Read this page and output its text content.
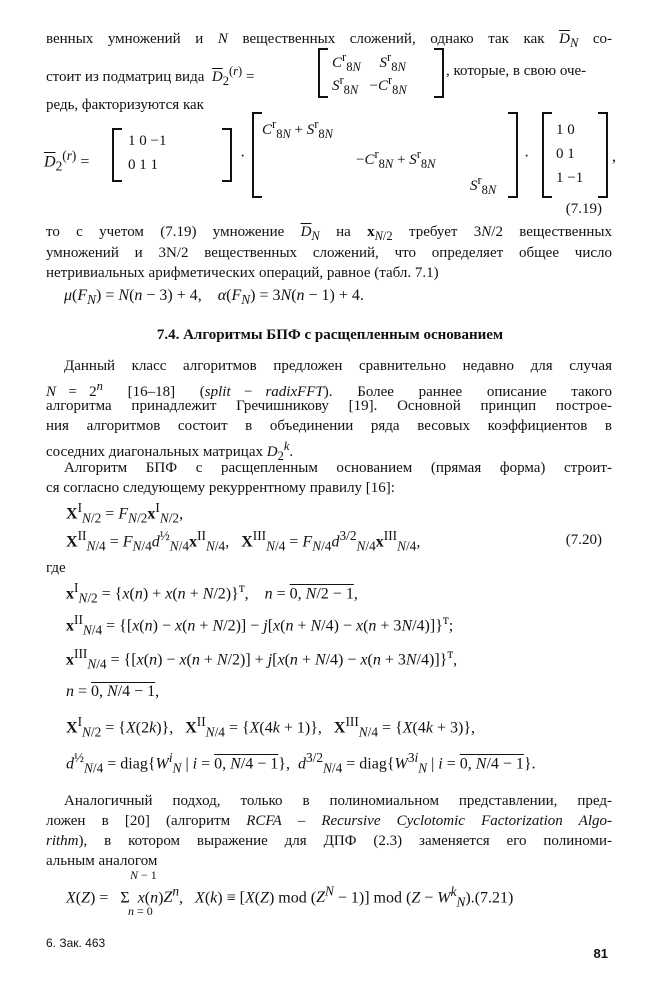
венных умножений и N вещественных сложений, однако так как $\overline{D}_N$ со-
стоит из подматриц вида  $\overline{D}_2^{(r)}$ =
$C^r_{8N}$ $S^r_{8N}$
$S^r_{8N} -C^r_{8N}$
, которые, в свою оче-
редь, факторизуются как
$\overline{D}_2^{(r)}$ =
1 0 −1
0 1 1	·
$C^r_{8N} + S^r_{8N}$
$-C^r_{8N} + S^r_{8N}$
$S^r_{8N}$
·
1 0
0 1
1 −1
,
(7.19)
то с учетом (7.19) умножение $\overline{D}_N$ на $x_{N/2}$ требует 3N/2 вещественных
умножений и 3N/2 вещественных сложений, что определяет общее число
нетривиальных арифметических операций, равное (табл. 7.1)
$\mu(F_N) = N(n - 3) + 4$,    $\alpha(F_N) = 3N(n - 1) + 4$.
7.4. Алгоритмы БПФ с расщепленным основанием
Данный класс алгоритмов предложен сравнительно недавно для случая
$N = 2^n$  [16–18]  (split − radixFFT).  Более  раннее  описание  такого
алгоритма принадлежит Гречишникову [19]. Основной принцип построе-
ния алгоритмов состоит в объединении ряда весовых коэффициентов в
соседних диагональных матрицах $D_2^k$.
Алгоритм БПФ с расщепленным основанием (прямая форма) строит-
ся согласно следующему рекуррентному правилу [16]:
$X^I_{N/2} = F_{N/2}x^I_{N/2}$,
$X^{II}_{N/4} = F_{N/4}d^{\frac{1}{2}}_{N/4}x^{II}_{N/4}$,   $X^{III}_{N/4} = F_{N/4}d^{3/2}_{N/4}x^{III}_{N/4}$,	(7.20)
где
$x^I_{N/2} = \{x(n) + x(n + N/2)\}^т$,    n = 0, N/2 − 1,
$x^{II}_{N/4} = \{[x(n) - x(n + N/2)] - j[x(n + N/4) - x(n + 3N/4)]\}^т$;
$x^{III}_{N/4} = \{[x(n) - x(n + N/2)] + j[x(n + N/4) - x(n + 3N/4)]\}^т$,
n = 0, N/4 − 1,
$X^I_{N/2} = \{X(2k)\}$,   $X^{II}_{N/4} = \{X(4k + 1)\}$,   $X^{III}_{N/4} = \{X(4k + 3)\}$,
$d^{\frac{1}{2}}_{N/4}$ = $diag\{W^i_N$ | i = 0, N/4 − 1},  $d^{3/2}_{N/4}$ = $diag\{W^{3i}_N$ | i = 0, N/4 − 1}.
Аналогичный подход, только в полиномиальном представлении, пред-
ложен в [20] (алгоритм RCFA – Recursive Cyclotomic Factorization Algo-
rithm), в котором выражение для ДПФ (2.3) заменяется его полиноми-
альным аналогом
N − 1
X(Z) =   Σ  $x(n)Z^n$,   X(k) ≡ [X(Z) mod $(Z^N - 1)$] mod $(Z - W^k_N).(7.21)$
n = 0
6. Зак. 463
81
